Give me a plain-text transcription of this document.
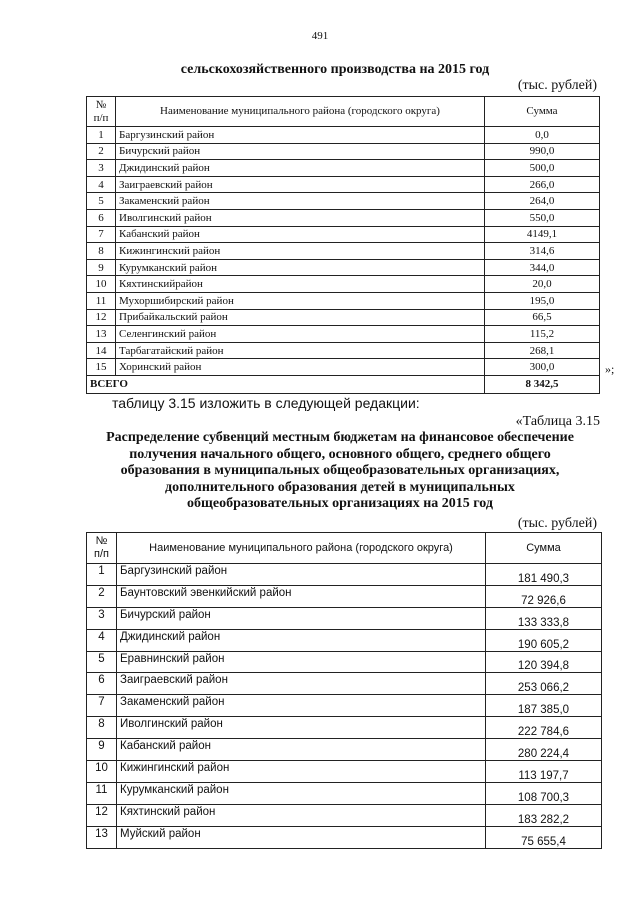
491
сельскохозяйственного производства на 2015 год
(тыс. рублей)
№ п/п	Наименование муниципального района (городского округа)	Сумма
1	Баргузинский район	0,0
2	Бичурский район	990,0
3	Джидинский район	500,0
4	Заиграевский район	266,0
5	Закаменский район	264,0
6	Иволгинский район	550,0
7	Кабанский район	4149,1
8	Кижингинский район	314,6
9	Курумканский район	344,0
10	Кяхтинскийрайон	20,0
11	Мухоршибирский район	195,0
12	Прибайкальский район	66,5
13	Селенгинский район	115,2
14	Тарбагатайский район	268,1
15	Хоринский район	300,0
ВСЕГО		8 342,5
»;
таблицу 3.15 изложить в следующей редакции:
«Таблица 3.15
Распределение субвенций местным бюджетам на финансовое обеспечение получения начального общего, основного общего, среднего общего образования в муниципальных общеобразовательных организациях, дополнительного образования детей в муниципальных общеобразовательных организациях на 2015 год
(тыс. рублей)
№ п/п	Наименование муниципального района (городского округа)	Сумма
1	Баргузинский район	181 490,3
2	Баунтовский эвенкийский район	72 926,6
3	Бичурский район	133 333,8
4	Джидинский район	190 605,2
5	Еравнинский район	120 394,8
6	Заиграевский район	253 066,2
7	Закаменский район	187 385,0
8	Иволгинский район	222 784,6
9	Кабанский район	280 224,4
10	Кижингинский район	113 197,7
11	Курумканский район	108 700,3
12	Кяхтинский район	183 282,2
13	Муйский район	75 655,4
